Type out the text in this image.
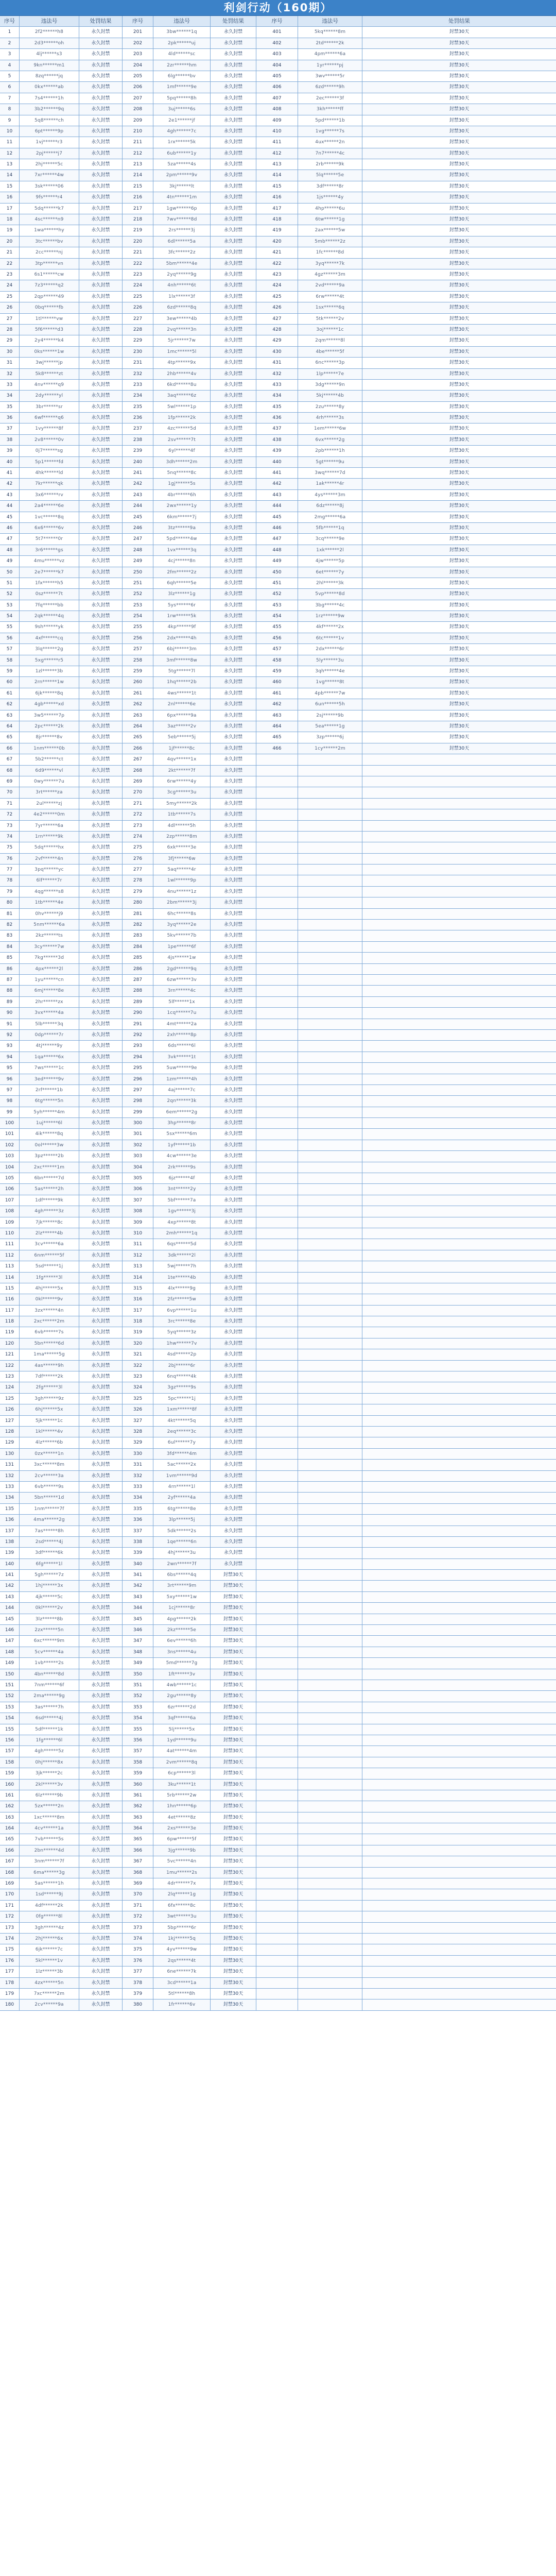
利剑行动（160期）
序号	违法号	处罚结果	序号	违法号	处罚结果	序号	违法号	处罚结果
1	2f2******h8	永久封禁	201	3bw******1q	永久封禁	401	5kq******8m	封禁30天
2	2d3******oh	永久封禁	202	2pk******uj	永久封禁	402	2td******2k	封禁30天
3	4lj******s3	永久封禁	203	4ld******sc	永久封禁	403	4pm******6a	封禁30天
4	9kn******m1	永久封禁	204	2zr******hm	永久封禁	404	1yr******pj	封禁30天
5	8zq******jq	永久封禁	205	6lg******bv	永久封禁	405	3wv******5r	封禁30天
6	0kx******ab	永久封禁	206	1mf******9e	永久封禁	406	6zd******9h	封禁30天
7	7s4******1h	永久封禁	207	5pq******8h	永久封禁	407	2ec******3f	封禁30天
8	3b2******9q	永久封禁	208	3uj******6s	永久封禁	408	3kh******ff	封禁30天
9	5q8******ch	永久封禁	209	2e1******jf	永久封禁	409	5pd******1b	封禁30天
10	6pt******9p	永久封禁	210	4gh******7c	永久封禁	410	1vg******7s	封禁30天
11	1vj******r3	永久封禁	211	1rx******5k	永久封禁	411	4ux******2n	封禁30天
12	2pj******j7	永久封禁	212	6ub******1y	永久封禁	412	7n7******4c	封禁30天
13	2hj******5c	永久封禁	213	5za******4s	永久封禁	413	2rb******9k	封禁30天
14	7xr******4w	永久封禁	214	2pm******9v	永久封禁	414	5lq******5e	封禁30天
15	3sk******06	永久封禁	215	3kj******lt	永久封禁	415	3df******8r	封禁30天
16	9fs******r4	永久封禁	216	4tn******1m	永久封禁	416	1js******4y	封禁30天
17	5dq******k7	永久封禁	217	1gw******6p	永久封禁	417	4hp******6u	封禁30天
18	4sc******n9	永久封禁	218	7wv******8d	永久封禁	418	6tw******1g	封禁30天
19	1wa******hy	永久封禁	219	2rs******3j	永久封禁	419	2ax******5w	封禁30天
20	3tc******bv	永久封禁	220	6dl******5a	永久封禁	420	5mb******2z	封禁30天
21	2cc******nj	永久封禁	221	3fc******2z	永久封禁	421	1fc******8d	封禁30天
22	3tp******vn	永久封禁	222	5bm******4e	永久封禁	422	3yq******7k	封禁30天
23	6s1******cw	永久封禁	223	2yq******9g	永久封禁	423	4gz******3m	封禁30天
24	7z3******q2	永久封禁	224	4nh******6t	永久封禁	424	2vd******9a	封禁30天
25	2qp******49	永久封禁	225	1lx******3f	永久封禁	425	6rw******4t	封禁30天
26	0bq******fb	永久封禁	226	6zd******8q	永久封禁	426	1sx******6q	封禁30天
27	1tl******vw	永久封禁	227	3ew******4b	永久封禁	427	5tk******2v	封禁30天
28	5f6******d3	永久封禁	228	2vq******3n	永久封禁	428	3oj******1c	封禁30天
29	2y4******k4	永久封禁	229	5jr******7w	永久封禁	429	2qm******8l	封禁30天
30	0ks******1w	永久封禁	230	1mc******5l	永久封禁	430	4be******5f	封禁30天
31	3wj******jp	永久封禁	231	4tp******9x	永久封禁	431	6nc******3p	封禁30天
32	5k8******zt	永久封禁	232	2hb******4v	永久封禁	432	1lp******7e	封禁30天
33	4nv******q9	永久封禁	233	6kd******8u	永久封禁	433	3dg******9n	封禁30天
34	2dy******yl	永久封禁	234	3aq******6z	永久封禁	434	5kj******4b	封禁30天
35	3br******sr	永久封禁	235	5wl******1p	永久封禁	435	2zu******8y	封禁30天
36	6wf******q6	永久封禁	236	1fp******2k	永久封禁	436	4rh******3s	封禁30天
37	1vy******8f	永久封禁	237	4zc******5d	永久封禁	437	1em******6w	封禁30天
38	2v8******0v	永久封禁	238	2sv******7t	永久封禁	438	6vx******2g	封禁30天
39	0j7******sg	永久封禁	239	6yl******4f	永久封禁	439	2pb******1h	封禁30天
40	5p1******fd	永久封禁	240	3dh******2m	永久封禁	440	5gt******9u	封禁30天
41	4hk******ld	永久封禁	241	5nq******8c	永久封禁	441	3wq******7d	封禁30天
42	7kr******qk	永久封禁	242	1gj******5s	永久封禁	442	1ak******4r	封禁30天
43	3x6******rv	永久封禁	243	4br******6h	永久封禁	443	4ys******3m	封禁30天
44	2a4******6e	永久封禁	244	2wx******1y	永久封禁	444	6dz******8j	封禁30天
45	1vc******8q	永久封禁	245	6km******7j	永久封禁	445	2mg******6a	封禁30天
46	6x6******6v	永久封禁	246	3tz******9a	永久封禁	446	5fb******1q	封禁30天
47	5t7******0r	永久封禁	247	5pd******4w	永久封禁	447	3cq******9e	封禁30天
48	3r6******gs	永久封禁	248	1vx******3q	永久封禁	448	1xk******2l	封禁30天
49	4mu******vz	永久封禁	249	4cj******8n	永久封禁	449	4jw******5p	封禁30天
50	2e7******k7	永久封禁	250	2fm******2z	永久封禁	450	6et******7y	封禁30天
51	1fx******h5	永久封禁	251	6qh******5e	永久封禁	451	2hl******3k	封禁30天
52	0sz******7t	永久封禁	252	3lz******1g	永久封禁	452	5vp******8d	封禁30天
53	7fq******bb	永久封禁	253	5ys******6r	永久封禁	453	3bg******4c	封禁30天
54	2qk******4q	永久封禁	254	1rw******5k	永久封禁	454	1rz******9w	封禁30天
55	9sh******yk	永久封禁	255	4kp******9f	永久封禁	455	4kf******2x	封禁30天
56	4xf******cq	永久封禁	256	2dx******4h	永久封禁	456	6tc******1v	封禁30天
57	3lq******2g	永久封禁	257	6bj******3m	永久封禁	457	2dx******6r	封禁30天
58	5xg******r5	永久封禁	258	3mf******8w	永久封禁	458	5ly******3u	封禁30天
59	1zl******3b	永久封禁	259	5tg******7l	永久封禁	459	3qh******4e	封禁30天
60	2rn******1w	永久封禁	260	1hq******2b	永久封禁	460	1vg******8t	封禁30天
61	6jk******8q	永久封禁	261	4ws******1t	永久封禁	461	4pb******7w	封禁30天
62	4gb******xd	永久封禁	262	2nl******6e	永久封禁	462	6un******5h	封禁30天
63	3w5******7p	永久封禁	263	6px******9a	永久封禁	463	2sj******9b	封禁30天
64	2pc******2k	永久封禁	264	3az******2v	永久封禁	464	5ea******1g	封禁30天
65	8jr******8v	永久封禁	265	5eb******5j	永久封禁	465	3zp******6j	封禁30天
66	1nm******0b	永久封禁	266	1jf******8c	永久封禁	466	1cy******2m	封禁30天
67	5b2******ct	永久封禁	267	4qv******1x	永久封禁
68	6d9******vl	永久封禁	268	2kt******7f	永久封禁
69	0wy******7u	永久封禁	269	6rw******4y	永久封禁
70	3rt******za	永久封禁	270	3cg******3u	永久封禁
71	2ul******zj	永久封禁	271	5my******2k	永久封禁
72	4e2******0m	永久封禁	272	1tb******7s	永久封禁
73	7yr******6a	永久封禁	273	4dl******5h	永久封禁
74	1rn******9k	永久封禁	274	2zp******8m	永久封禁
75	5dq******hx	永久封禁	275	6xk******3e	永久封禁
76	2vf******4n	永久封禁	276	3fj******6w	永久封禁
77	3pq******yc	永久封禁	277	5aq******4r	永久封禁
78	6lf******7r	永久封禁	278	1wl******9p	永久封禁
79	4qg******s8	永久封禁	279	4nu******1z	永久封禁
80	1tb******4e	永久封禁	280	2bm******3j	永久封禁
81	0hv******j9	永久封禁	281	6hc******8s	永久封禁
82	5nm******6a	永久封禁	282	3yq******2e	永久封禁
83	2kz******ts	永久封禁	283	5kv******7b	永久封禁
84	3cy******7w	永久封禁	284	1pe******6f	永久封禁
85	7kg******3d	永久封禁	285	4js******1w	永久封禁
86	4px******2l	永久封禁	286	2gd******9q	永久封禁
87	1yu******cn	永久封禁	287	6zw******3v	永久封禁
88	6mj******8e	永久封禁	288	3rn******4c	永久封禁
89	2hr******zx	永久封禁	289	5lf******1x	永久封禁
90	3vx******4a	永久封禁	290	1cq******7u	永久封禁
91	5lb******3q	永久封禁	291	4mt******2a	永久封禁
92	0dp******7r	永久封禁	292	2xh******8p	永久封禁
93	4tj******9y	永久封禁	293	6ds******6l	永久封禁
94	1qa******6x	永久封禁	294	3vk******1t	永久封禁
95	7ws******1c	永久封禁	295	5uw******9e	永久封禁
96	3ed******9v	永久封禁	296	1zm******4h	永久封禁
97	2rf******1b	永久封禁	297	4aj******7c	永久封禁
98	6tg******5n	永久封禁	298	2qn******3k	永久封禁
99	5yh******4m	永久封禁	299	6em******2g	永久封禁
100	1uj******6l	永久封禁	300	3hp******8r	永久封禁
101	4ik******8q	永久封禁	301	5sx******6m	永久封禁
102	0ol******3w	永久封禁	302	1yf******1b	永久封禁
103	3pz******2b	永久封禁	303	4cw******3e	永久封禁
104	2xc******1m	永久封禁	304	2rk******9s	永久封禁
105	6bn******7d	永久封禁	305	6jz******4f	永久封禁
106	5as******2h	永久封禁	306	3nt******2y	永久封禁
107	1df******9k	永久封禁	307	5bf******7a	永久封禁
108	4gh******3z	永久封禁	308	1gv******3j	永久封禁
109	7jk******8c	永久封禁	309	4xp******8t	永久封禁
110	2lz******4b	永久封禁	310	2mh******1q	永久封禁
111	3cv******6a	永久封禁	311	6qs******5d	永久封禁
112	6nm******5f	永久封禁	312	3dk******2l	永久封禁
113	5sd******1j	永久封禁	313	5wj******7h	永久封禁
114	1fg******3l	永久封禁	314	1te******4b	永久封禁
115	4hj******5x	永久封禁	315	4lx******9g	永久封禁
116	0kl******9v	永久封禁	316	2fz******5w	永久封禁
117	3zx******4n	永久封禁	317	6vp******1u	永久封禁
118	2xc******2m	永久封禁	318	3rc******8e	永久封禁
119	6vb******7s	永久封禁	319	5yq******3z	永久封禁
120	5bn******6d	永久封禁	320	1hw******7v	永久封禁
121	1ma******5g	永久封禁	321	4sd******2p	永久封禁
122	4as******9h	永久封禁	322	2bj******6r	永久封禁
123	7df******2k	永久封禁	323	6nq******4k	永久封禁
124	2fg******3l	永久封禁	324	3gz******9s	永久封禁
125	3gh******9z	永久封禁	325	5pc******1j	永久封禁
126	6hj******5x	永久封禁	326	1xm******8f	永久封禁
127	5jk******1c	永久封禁	327	4kt******5q	永久封禁
128	1kl******4v	永久封禁	328	2eq******3c	永久封禁
129	4lz******6b	永久封禁	329	6ul******7y	永久封禁
130	0zx******1n	永久封禁	330	3fd******4m	永久封禁
131	3xc******8m	永久封禁	331	5ac******2x	永久封禁
132	2cv******3a	永久封禁	332	1vm******9d	永久封禁
133	6vb******9s	永久封禁	333	4rn******1l	永久封禁
134	5bn******1d	永久封禁	334	2yf******4a	永久封禁
135	1nm******7f	永久封禁	335	6tg******8e	永久封禁
136	4ma******2g	永久封禁	336	3lp******5j	永久封禁
137	7as******8h	永久封禁	337	5dk******2s	永久封禁
138	2sd******4j	永久封禁	338	1qe******6n	永久封禁
139	3df******6k	永久封禁	339	4hj******3u	永久封禁
140	6fg******1l	永久封禁	340	2wn******7f	永久封禁
141	5gh******7z	永久封禁	341	6bs******4q	封禁30天
142	1hj******3x	永久封禁	342	3rt******9m	封禁30天
143	4jk******5c	永久封禁	343	5xy******1w	封禁30天
144	0kl******2v	永久封禁	344	1cj******8r	封禁30天
145	3lz******8b	永久封禁	345	4pg******2k	封禁30天
146	2zx******5n	永久封禁	346	2kz******5e	封禁30天
147	6xc******9m	永久封禁	347	6ev******6h	封禁30天
148	5cv******4a	永久封禁	348	3ns******4u	封禁30天
149	1vb******2s	永久封禁	349	5md******7g	封禁30天
150	4bn******8d	永久封禁	350	1ft******3v	封禁30天
151	7nm******6f	永久封禁	351	4wb******1c	封禁30天
152	2ma******9g	永久封禁	352	2gu******8y	封禁30天
153	3as******7h	永久封禁	353	6zr******2d	封禁30天
154	6sd******4j	永久封禁	354	3qf******6a	封禁30天
155	5df******1k	永久封禁	355	5lj******5x	封禁30天
156	1fg******6l	永久封禁	356	1yd******9u	封禁30天
157	4gh******5z	永久封禁	357	4at******4m	封禁30天
158	0hj******8x	永久封禁	358	2vm******8q	封禁30天
159	3jk******2c	永久封禁	359	6cp******3l	封禁30天
160	2kl******3v	永久封禁	360	3ku******1t	封禁30天
161	6lz******9b	永久封禁	361	5rb******2w	封禁30天
162	5zx******2n	永久封禁	362	1hn******6p	封禁30天
163	1xc******8m	永久封禁	363	4et******8z	封禁30天
164	4cv******1a	永久封禁	364	2xs******3e	封禁30天
165	7vb******5s	永久封禁	365	6pw******5f	封禁30天
166	2bn******4d	永久封禁	366	3jg******9b	封禁30天
167	3nm******7f	永久封禁	367	5vc******4n	封禁30天
168	6ma******3g	永久封禁	368	1mu******2s	封禁30天
169	5as******1h	永久封禁	369	4dr******7x	封禁30天
170	1sd******9j	永久封禁	370	2lq******1g	封禁30天
171	4df******2k	永久封禁	371	6fx******8c	封禁30天
172	0fg******8l	永久封禁	372	3wt******3u	封禁30天
173	3gh******4z	永久封禁	373	5bp******6r	封禁30天
174	2hj******6x	永久封禁	374	1kj******5q	封禁30天
175	6jk******7c	永久封禁	375	4yv******9w	封禁30天
176	5kl******1v	永久封禁	376	2qs******4t	封禁30天
177	1lz******3b	永久封禁	377	6ne******7k	封禁30天
178	4zx******5n	永久封禁	378	3cd******1a	封禁30天
179	7xc******2m	永久封禁	379	5tl******8h	封禁30天
180	2cv******9a	永久封禁	380	1fr******6v	封禁30天
